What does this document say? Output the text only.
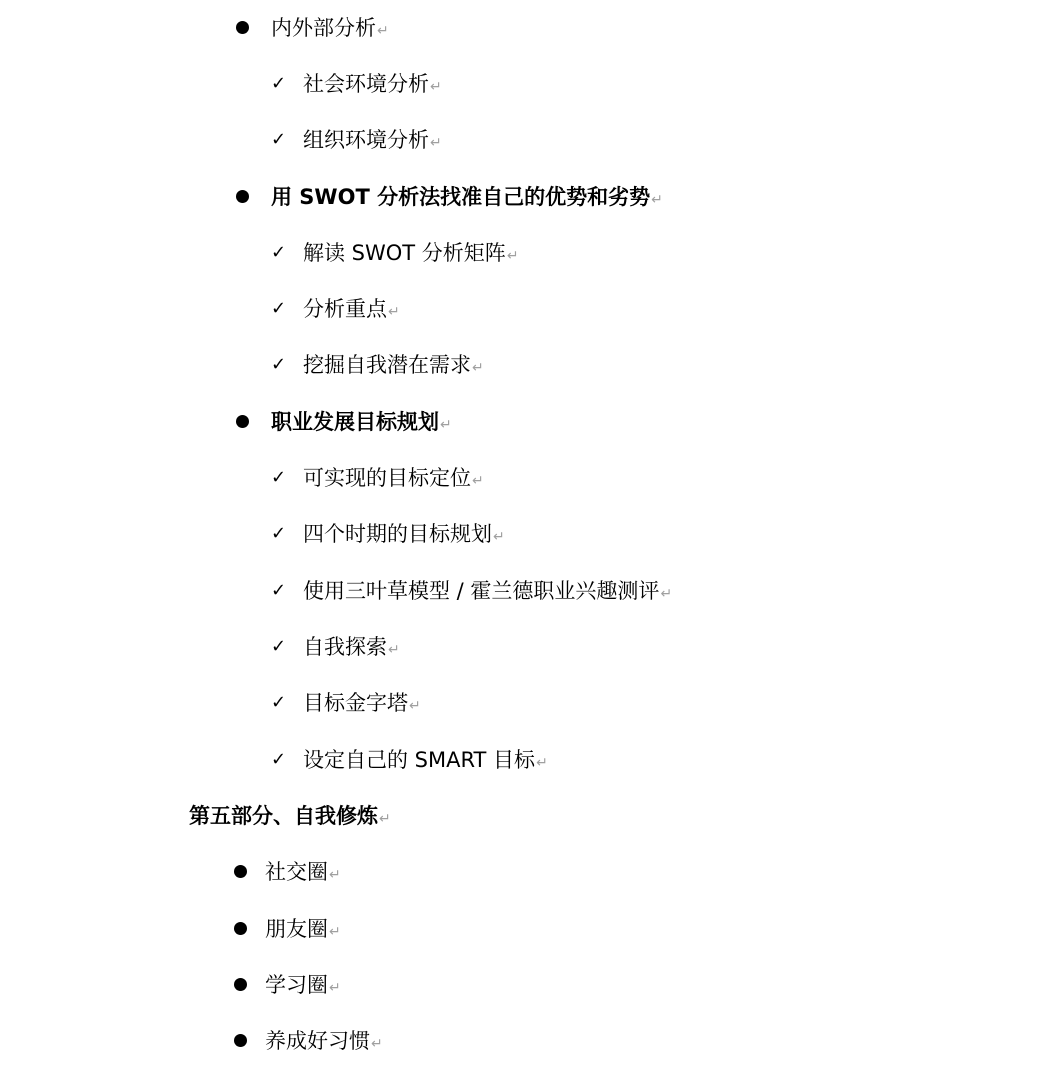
内外部分析↵
✓ 社会环境分析↵
✓ 组织环境分析↵
用 SWOT 分析法找准自己的优势和劣势↵
✓ 解读 SWOT 分析矩阵↵
✓ 分析重点↵
✓ 挖掘自我潜在需求↵
职业发展目标规划↵
✓ 可实现的目标定位↵
✓ 四个时期的目标规划↵
✓ 使用三叶草模型 / 霍兰德职业兴趣测评↵
✓ 自我探索↵
✓ 目标金字塔↵
✓ 设定自己的 SMART 目标↵
第五部分、自我修炼↵
社交圈↵
朋友圈↵
学习圈↵
养成好习惯↵
